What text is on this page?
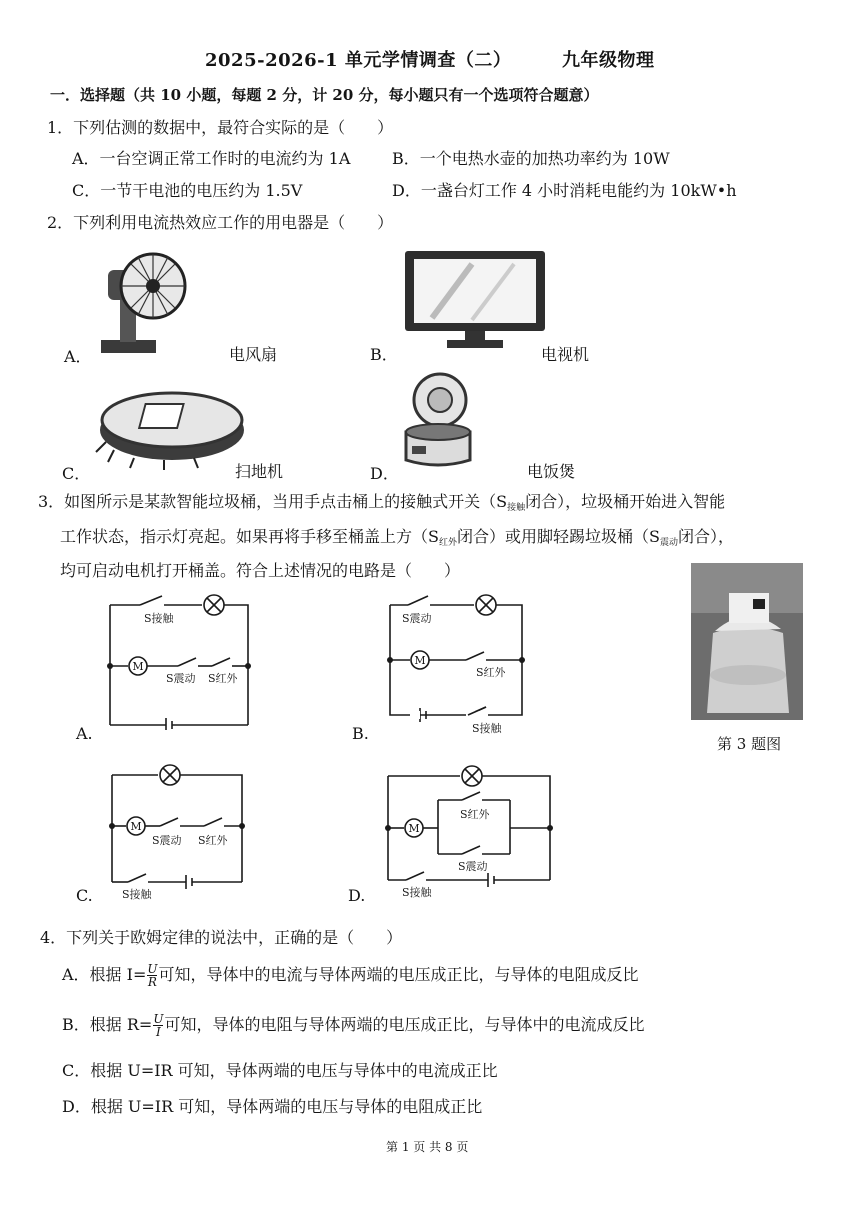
2025-2026-1 单元学情调查（二）	九年级物理
一．选择题（共 10 小题，每题 2 分，计 20 分，每小题只有一个选项符合题意）
1．下列估测的数据中，最符合实际的是（　　）
A．一台空调正常工作时的电流约为 1A	B．一个电热水壶的加热功率约为 10W
C．一节干电池的电压约为 1.5V	D．一盏台灯工作 4 小时消耗电能约为 10kW•h
2．下列利用电流热效应工作的用电器是（　　）
A．	电风扇	B．	电视机
C．	扫地机	D．	电饭煲
3．如图所示是某款智能垃圾桶，当用手点击桶上的接触式开关（$S_{接触}$闭合），垃圾桶开始进入智能
工作状态，指示灯亮起。如果再将手移至桶盖上方（$S_{红外}$闭合）或用脚轻踢垃圾桶（$S_{震动}$闭合），
均可启动电机打开桶盖。符合上述情况的电路是（　　）
第 3 题图
M
S接触
S震动 S红外
A.
M
S震动
S红外
S接触
B.
M
S震动 S红外
S接触
C.
M
S红外
S震动
S接触
D.
4．下列关于欧姆定律的说法中，正确的是（　　）
A．根据 $I= \frac{U}{R}$ 可知，导体中的电流与导体两端的电压成正比，与导体的电阻成反比
B．根据 $R= \frac{U}{I}$ 可知，导体的电阻与导体两端的电压成正比，与导体中的电流成反比
C．根据 U=IR 可知，导体两端的电压与导体中的电流成正比
D．根据 U=IR 可知，导体两端的电压与导体的电阻成正比
第 1 页 共 8 页
